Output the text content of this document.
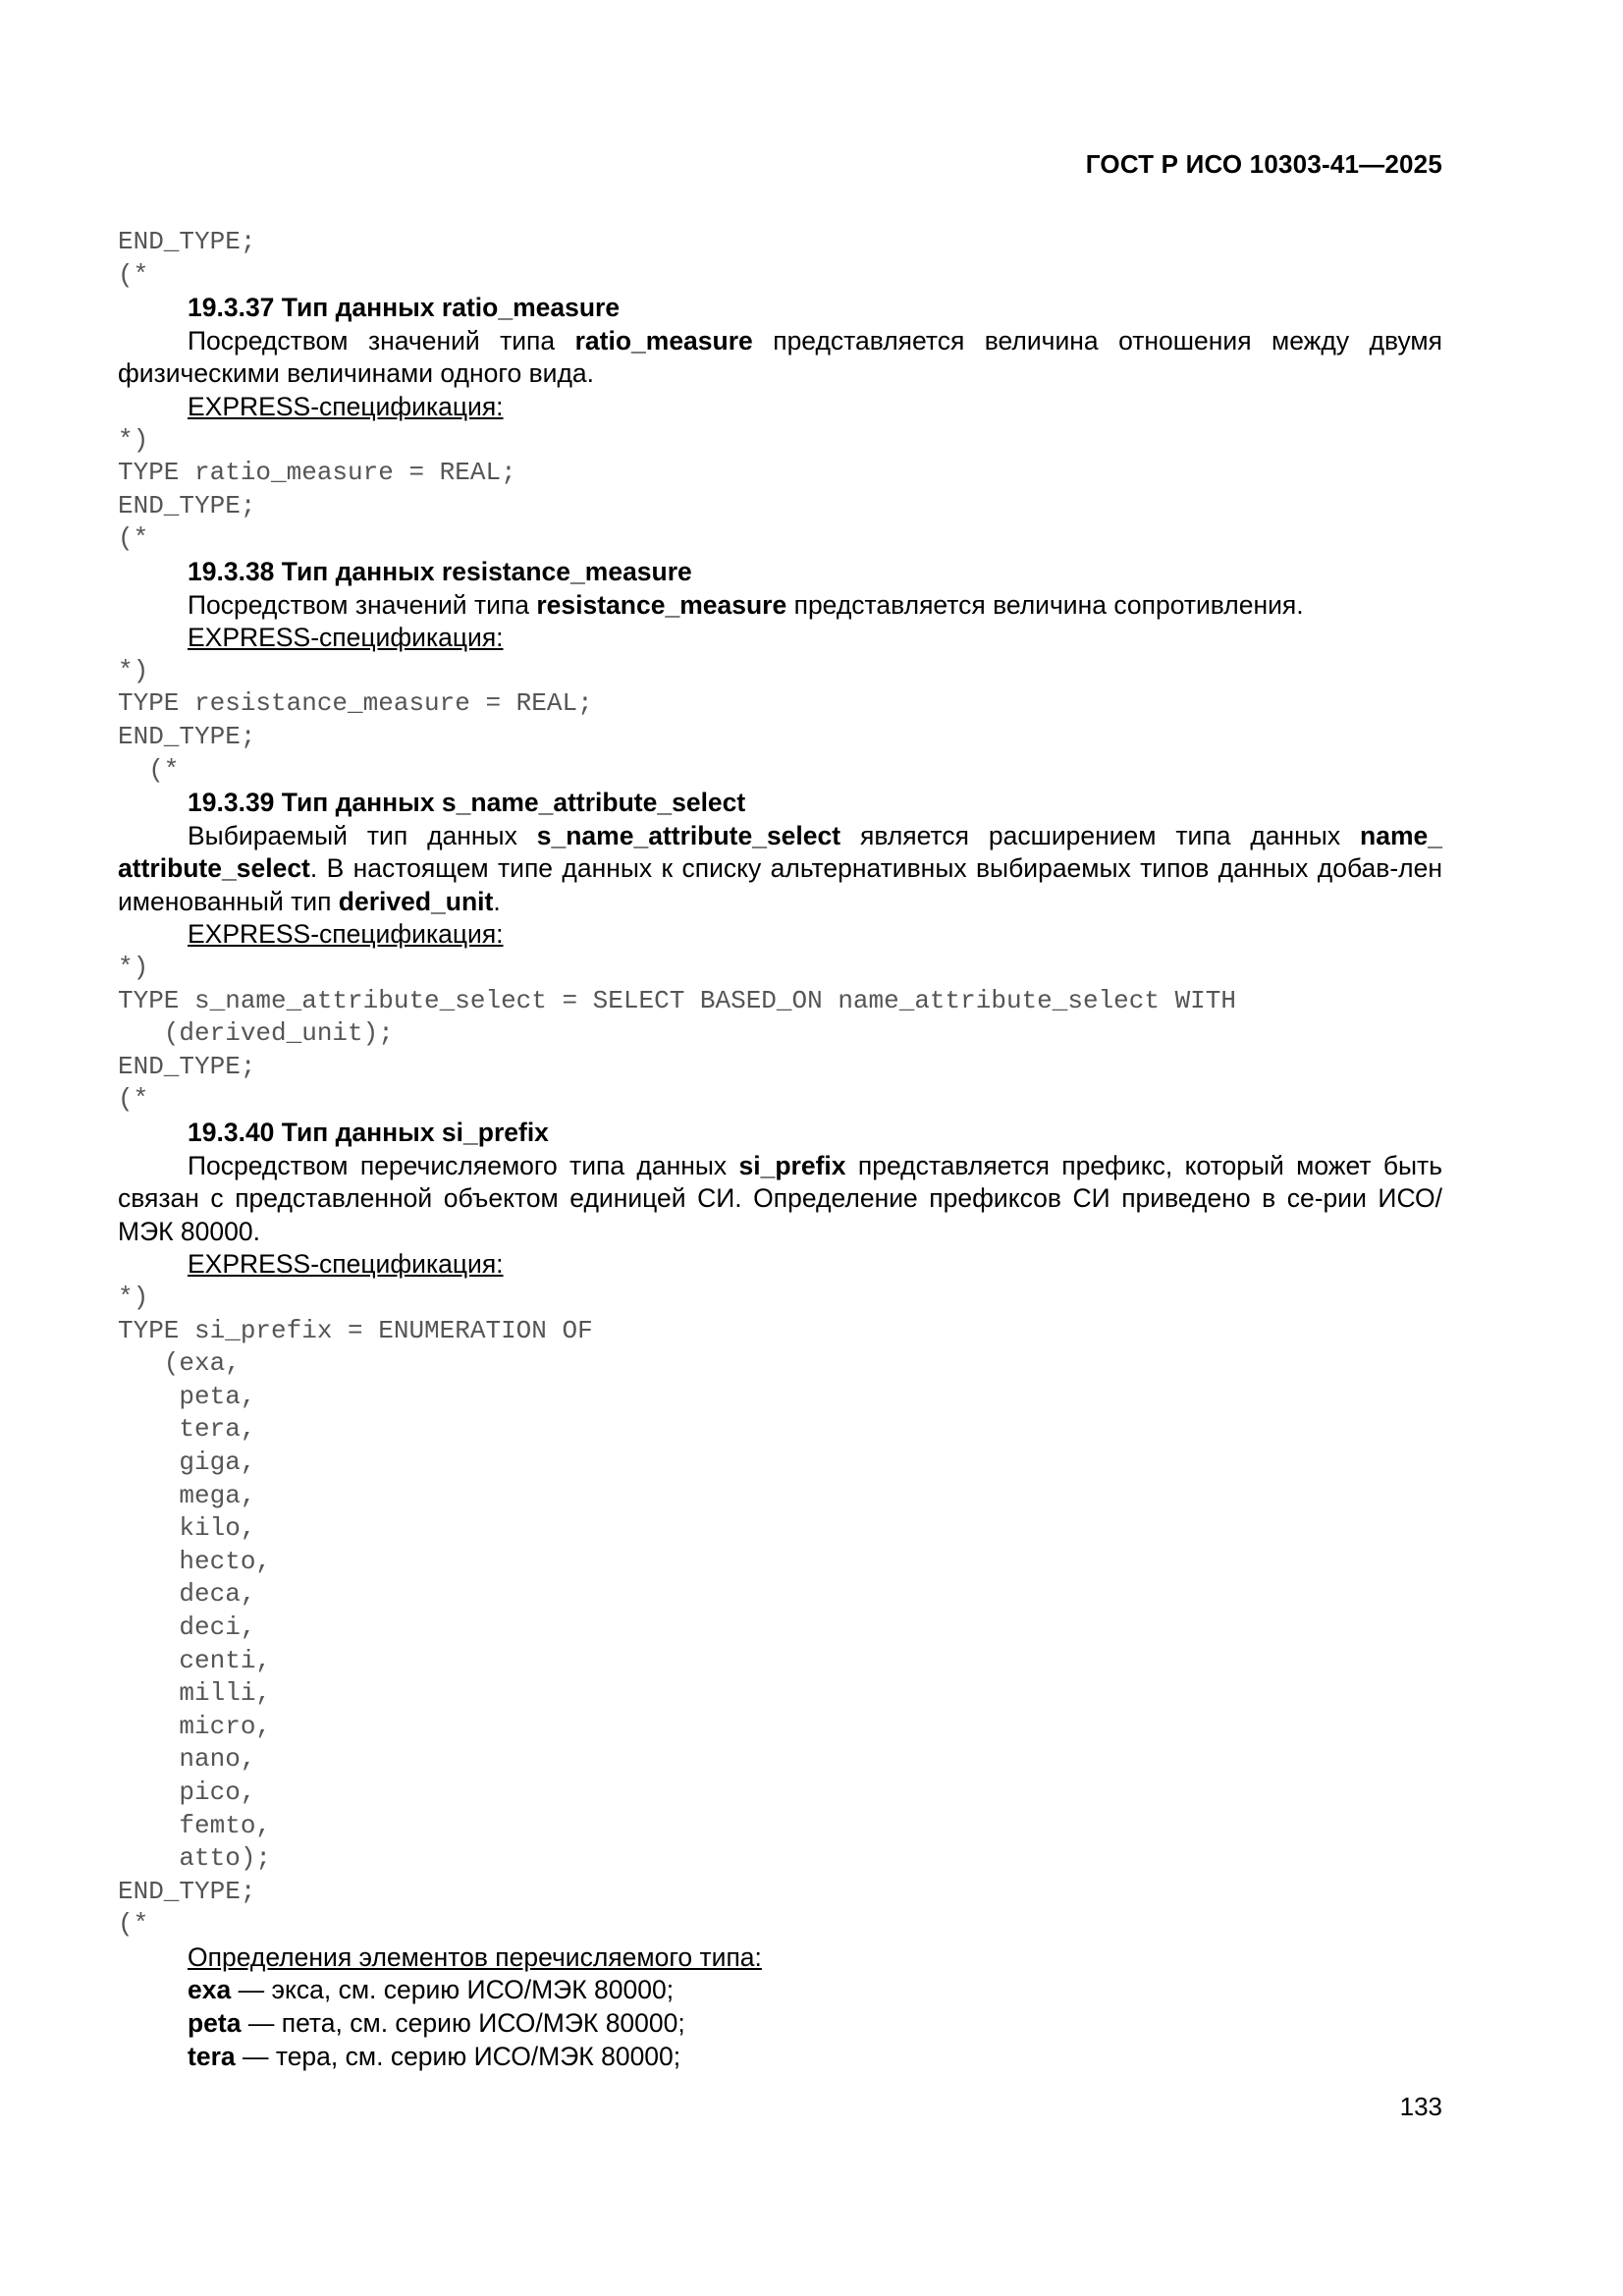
ГОСТ Р ИСО 10303-41—2025
END_TYPE;
(*
19.3.37 Тип данных ratio_measure
Посредством значений типа ratio_measure представляется величина отношения между двумя физическими величинами одного вида.
EXPRESS-спецификация:
*)
TYPE ratio_measure = REAL;
END_TYPE;
(*
19.3.38 Тип данных resistance_measure
Посредством значений типа resistance_measure представляется величина сопротивления.
EXPRESS-спецификация:
*)
TYPE resistance_measure = REAL;
END_TYPE;
(*
19.3.39 Тип данных s_name_attribute_select
Выбираемый тип данных s_name_attribute_select является расширением типа данных name_ attribute_select. В настоящем типе данных к списку альтернативных выбираемых типов данных добав-лен именованный тип derived_unit.
EXPRESS-спецификация:
*)
TYPE s_name_attribute_select = SELECT BASED_ON name_attribute_select WITH
(derived_unit);
END_TYPE;
(*
19.3.40 Тип данных si_prefix
Посредством перечисляемого типа данных si_prefix представляется префикс, который может быть связан с представленной объектом единицей СИ. Определение префиксов СИ приведено в се-рии ИСО/МЭК 80000.
EXPRESS-спецификация:
*)
TYPE si_prefix = ENUMERATION OF
(exa,
peta,
tera,
giga,
mega,
kilo,
hecto,
deca,
deci,
centi,
milli,
micro,
nano,
pico,
femto,
atto);
END_TYPE;
(*
Определения элементов перечисляемого типа:
exa — экса, см. серию ИСО/МЭК 80000;
peta — пета, см. серию ИСО/МЭК 80000;
tera — тера, см. серию ИСО/МЭК 80000;
133
